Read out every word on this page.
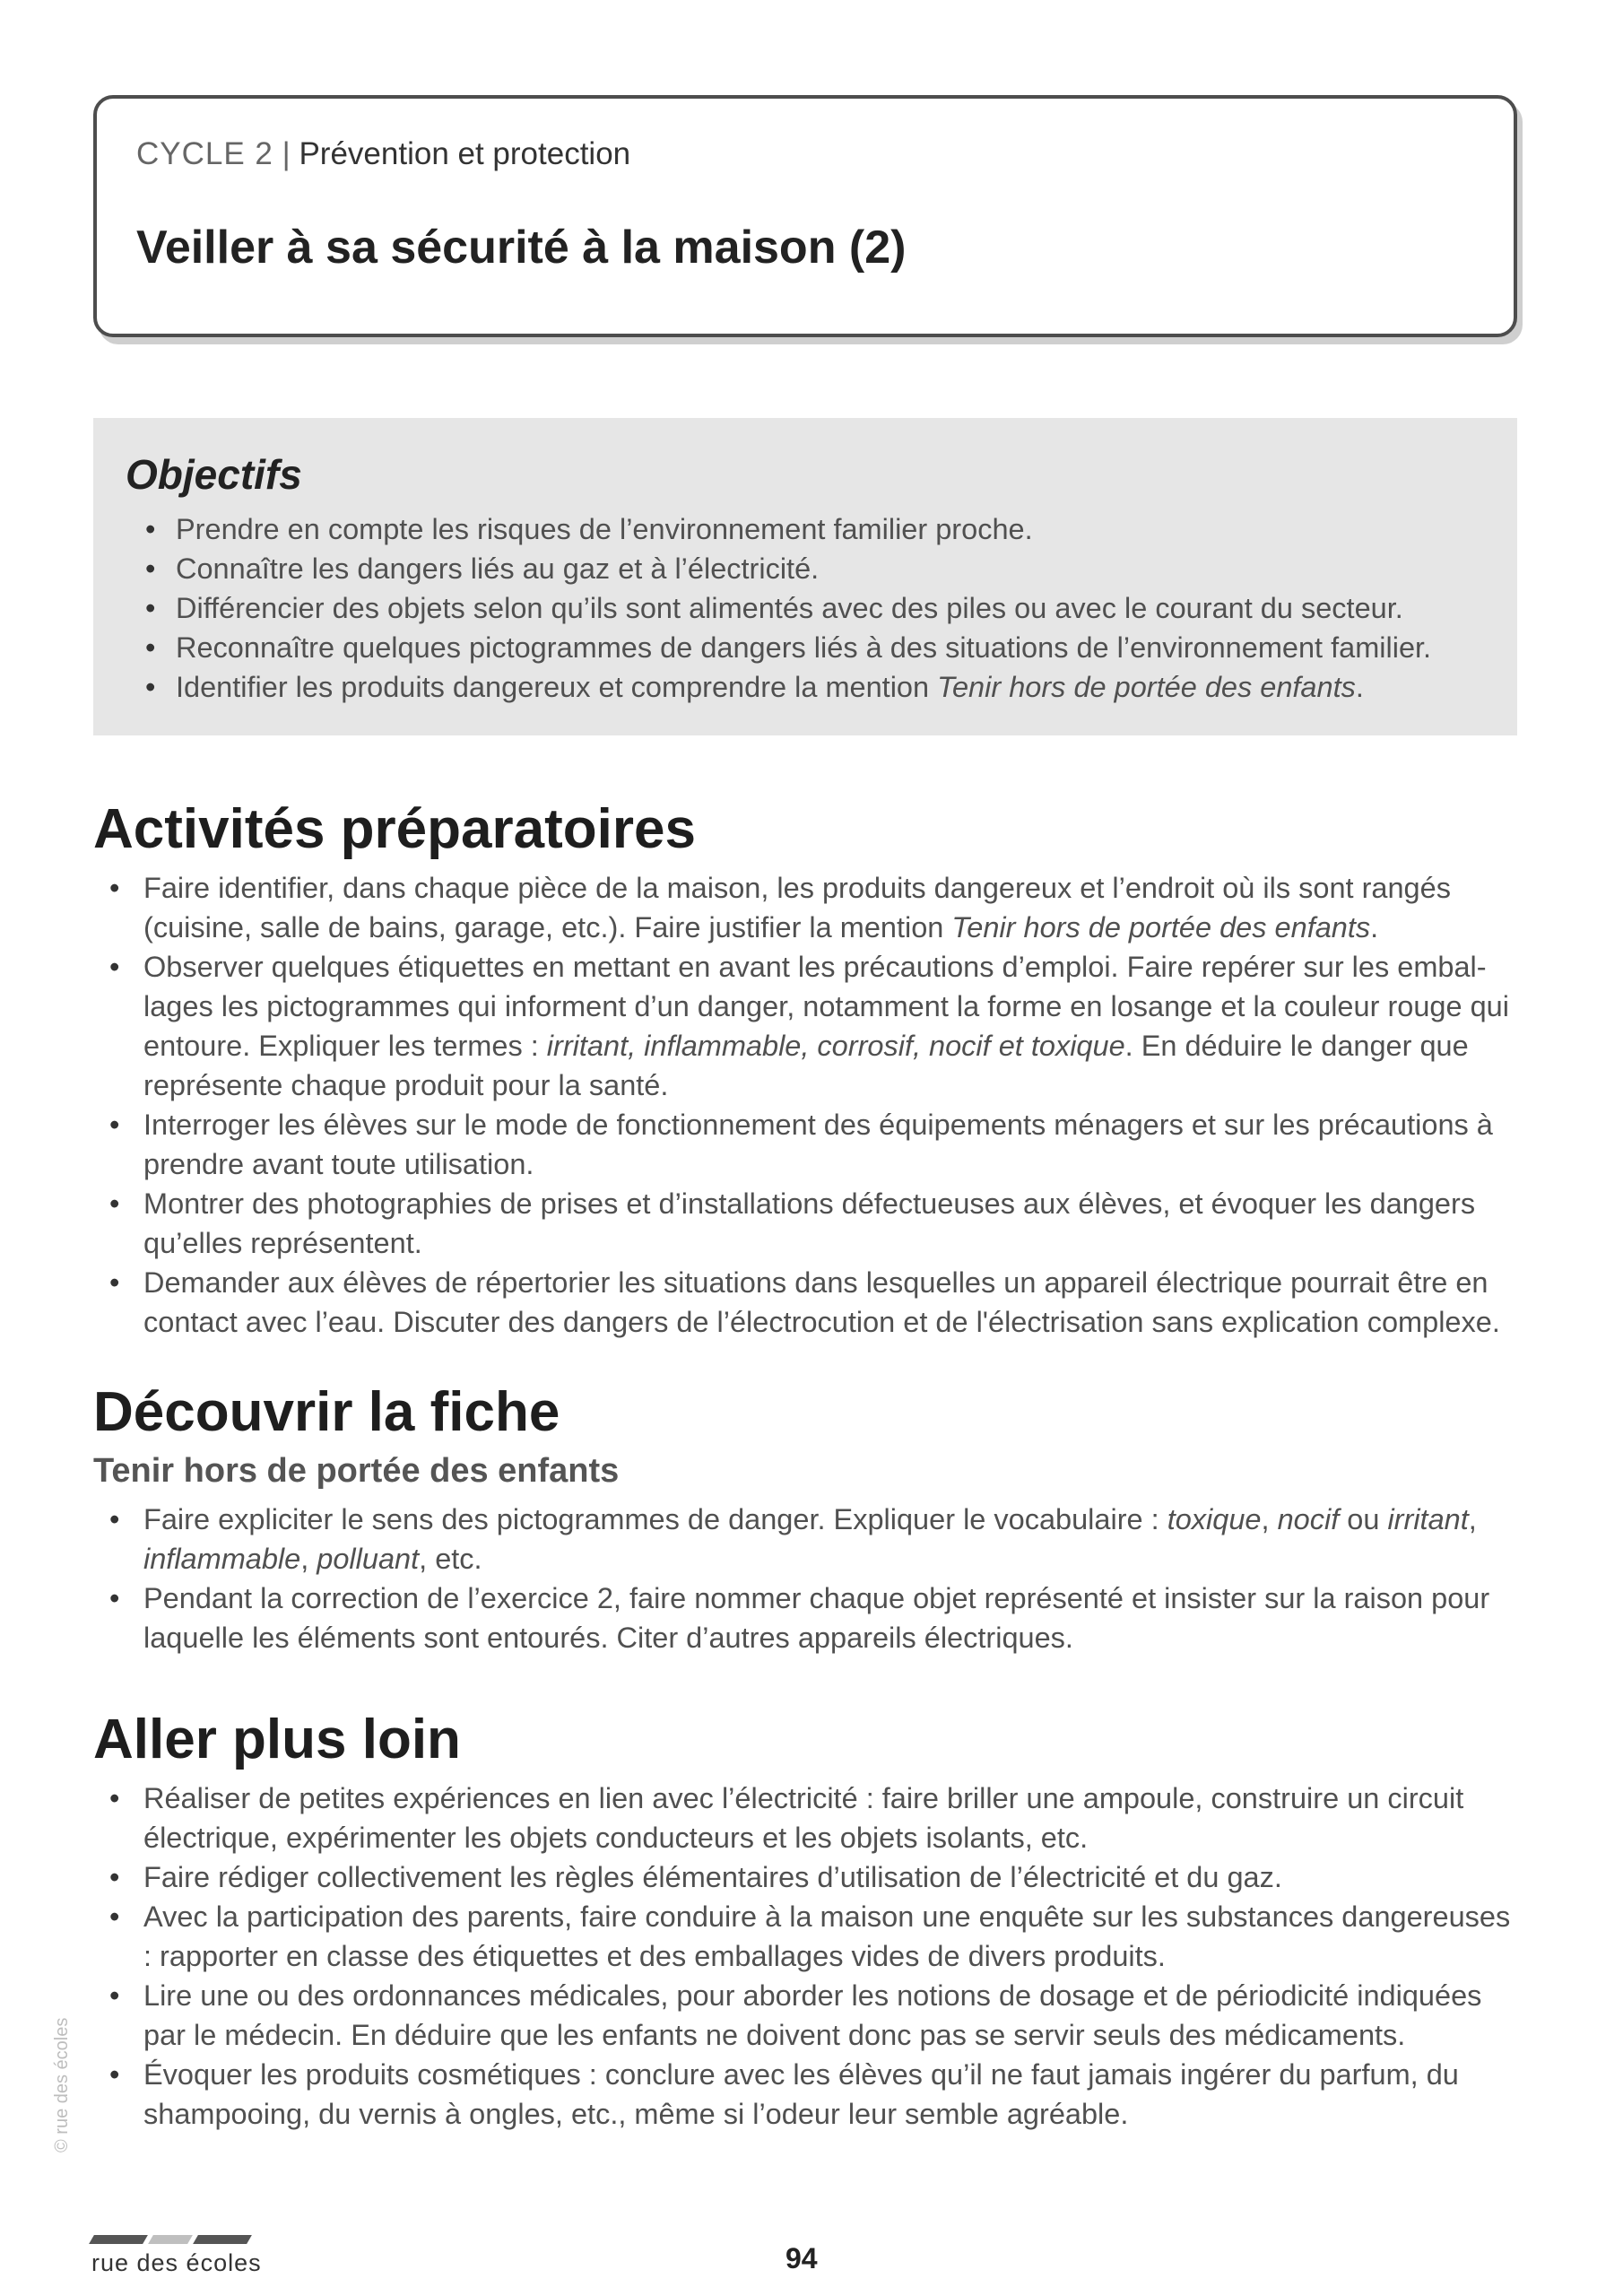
CYCLE 2 | Prévention et protection
Veiller à sa sécurité à la maison (2)
Objectifs
• Prendre en compte les risques de l’environnement familier proche.
• Connaître les dangers liés au gaz et à l’électricité.
• Différencier des objets selon qu’ils sont alimentés avec des piles ou avec le courant du secteur.
• Reconnaître quelques pictogrammes de dangers liés à des situations de l’environnement familier.
• Identifier les produits dangereux et comprendre la mention Tenir hors de portée des enfants.
Activités préparatoires
• Faire identifier, dans chaque pièce de la maison, les produits dangereux et l’endroit où ils sont rangés (cuisine, salle de bains, garage, etc.). Faire justifier la mention Tenir hors de portée des enfants.
• Observer quelques étiquettes en mettant en avant les précautions d’emploi. Faire repérer sur les embal-lages les pictogrammes qui informent d’un danger, notamment la forme en losange et la couleur rouge qui entoure. Expliquer les termes : irritant, inflammable, corrosif, nocif et toxique. En déduire le danger que représente chaque produit pour la santé.
• Interroger les élèves sur le mode de fonctionnement des équipements ménagers et sur les précautions à prendre avant toute utilisation.
• Montrer des photographies de prises et d’installations défectueuses aux élèves, et évoquer les dangers qu’elles représentent.
• Demander aux élèves de répertorier les situations dans lesquelles un appareil électrique pourrait être en contact avec l’eau. Discuter des dangers de l’électrocution et de l'électrisation sans explication complexe.
Découvrir la fiche
Tenir hors de portée des enfants
• Faire expliciter le sens des pictogrammes de danger. Expliquer le vocabulaire : toxique, nocif ou irritant, inflammable, polluant, etc.
• Pendant la correction de l’exercice 2, faire nommer chaque objet représenté et insister sur la raison pour laquelle les éléments sont entourés. Citer d’autres appareils électriques.
Aller plus loin
• Réaliser de petites expériences en lien avec l’électricité : faire briller une ampoule, construire un circuit électrique, expérimenter les objets conducteurs et les objets isolants, etc.
• Faire rédiger collectivement les règles élémentaires d’utilisation de l’électricité et du gaz.
• Avec la participation des parents, faire conduire à la maison une enquête sur les substances dangereuses : rapporter en classe des étiquettes et des emballages vides de divers produits.
• Lire une ou des ordonnances médicales, pour aborder les notions de dosage et de périodicité indiquées par le médecin. En déduire que les enfants ne doivent donc pas se servir seuls des médicaments.
• Évoquer les produits cosmétiques : conclure avec les élèves qu’il ne faut jamais ingérer du parfum, du shampooing, du vernis à ongles, etc., même si l’odeur leur semble agréable.
© rue des écoles
rue des écoles	94
